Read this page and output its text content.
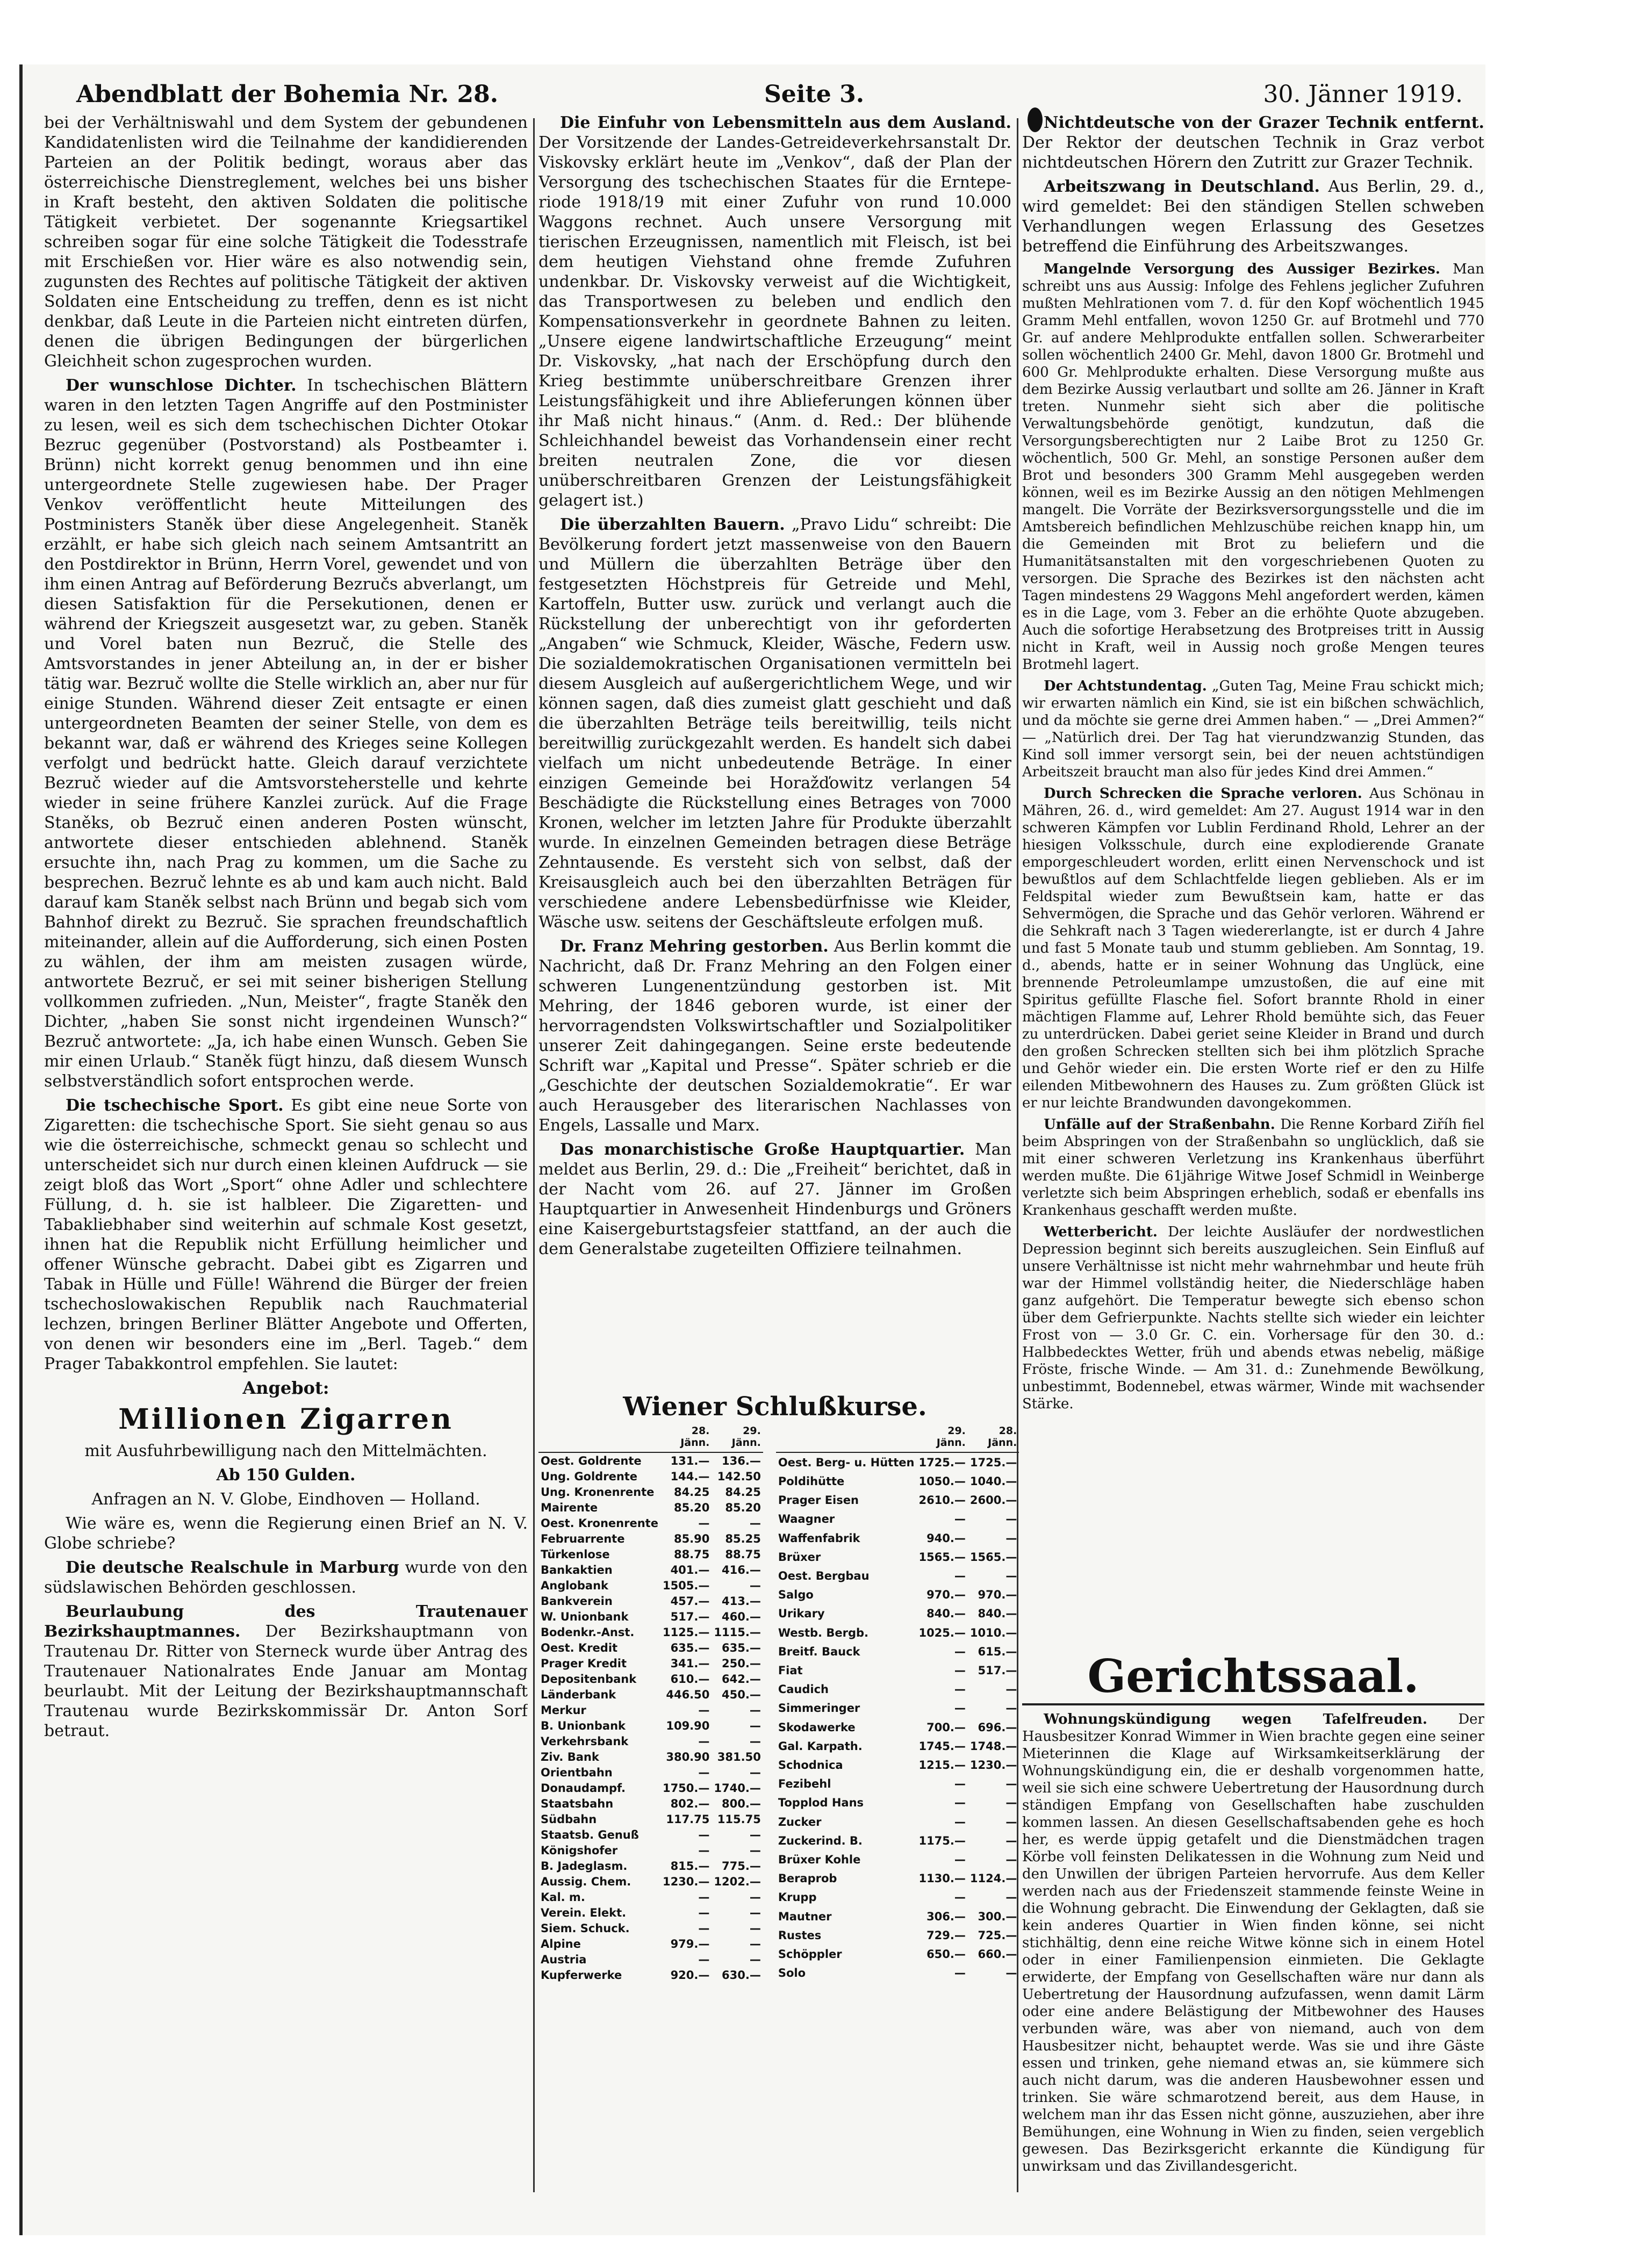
Abendblatt der Bohemia Nr. 28.	Seite 3.	30. Jänner 1919.

bei der Verhältniswahl und dem System der gebundenen Kandidatenlisten wird die Teilnahme der kandidierenden Parteien an der Politik bedingt, woraus aber das österreichische Dienstreglement, welches bei uns bisher in Kraft besteht, den aktiven Soldaten die politische Tätigkeit verbietet. Der sogenannte Kriegsartikel schreiben sogar für eine solche Tätigkeit die Todesstrafe mit Erschießen vor. Hier wäre es also notwendig sein, zugunsten des Rechtes auf politische Tätigkeit der aktiven Soldaten eine Entscheidung zu treffen, denn es ist nicht denkbar, daß Leute in die Parteien nicht eintreten dürfen, denen die übrigen Bedingungen der bürgerlichen Gleichheit schon zugesprochen wurden.

Der wunschlose Dichter. In tschechischen Blättern waren in den letzten Tagen Angriffe auf den Postminister zu lesen, weil es sich dem tschechischen Dichter Otokar Bezruc gegenüber (Postvorstand) als Postbeamter i. Brünn) nicht korrekt genug benommen und ihn eine untergeordnete Stelle zugewiesen habe. Der Prager Venkov veröffentlicht heute Mitteilungen des Postministers Staněk über diese Angelegenheit. Staněk erzählt, er habe sich gleich nach seinem Amtsantritt an den Postdirektor in Brünn, Herrn Vorel, gewendet und von ihm einen Antrag auf Beförderung Bezručs abverlangt, um diesen Satisfaktion für die Persekutionen, denen er während der Kriegszeit ausgesetzt war, zu geben. Staněk und Vorel baten nun Bezruč, die Stelle des Amtsvorstandes in jener Abteilung an, in der er bisher tätig war. Bezruč wollte die Stelle wirklich an, aber nur für einige Stunden. Während dieser Zeit entsagte er einen untergeordneten Beamten der seiner Stelle, von dem es bekannt war, daß er während des Krieges seine Kollegen verfolgt und bedrückt hatte. Gleich darauf verzichtete Bezruč wieder auf die Amtsvorsteherstelle und kehrte wieder in seine frühere Kanzlei zurück. Auf die Frage Staněks, ob Bezruč einen anderen Posten wünscht, antwortete dieser entschieden ablehnend. Staněk ersuchte ihn, nach Prag zu kommen, um die Sache zu besprechen. Bezruč lehnte es ab und kam auch nicht. Bald darauf kam Staněk selbst nach Brünn und begab sich vom Bahnhof direkt zu Bezruč. Sie sprachen freundschaftlich miteinander, allein auf die Aufforderung, sich einen Posten zu wählen, der ihm am meisten zusagen würde, antwortete Bezruč, er sei mit seiner bisherigen Stellung vollkommen zufrieden. „Nun, Meister“, fragte Staněk den Dichter, „haben Sie sonst nicht irgendeinen Wunsch?“ Bezruč antwortete: „Ja, ich habe einen Wunsch. Geben Sie mir einen Urlaub.“ Staněk fügt hinzu, daß diesem Wunsch selbstverständlich sofort entsprochen werde.

Die tschechische Sport. Es gibt eine neue Sorte von Zigaretten: die tschechische Sport. Sie sieht genau so aus wie die österreichische, schmeckt genau so schlecht und unterscheidet sich nur durch einen kleinen Aufdruck — sie zeigt bloß das Wort „Sport“ ohne Adler und schlechtere Füllung, d. h. sie ist halbleer. Die Zigaretten- und Tabakliebhaber sind weiterhin auf schmale Kost gesetzt, ihnen hat die Republik nicht Erfüllung heimlicher und offener Wünsche gebracht. Dabei gibt es Zigarren und Tabak in Hülle und Fülle! Während die Bürger der freien tschechoslowakischen Republik nach Rauchmaterial lechzen, bringen Berliner Blätter Angebote und Offerten, von denen wir besonders eine im „Berl. Tageb.“ dem Prager Tabakkontrol empfehlen. Sie lautet:

Angebot:

Millionen Zigarren

mit Ausfuhrbewilligung nach den Mittelmächten.

Ab 150 Gulden.

Anfragen an N. V. Globe, Eindhoven — Holland.

Wie wäre es, wenn die Regierung einen Brief an N. V. Globe schriebe?

Die deutsche Realschule in Marburg wurde von den südslawischen Behörden geschlossen.

Beurlaubung des Trautenauer Bezirkshauptmannes. Der Bezirkshauptmann von Trautenau Dr. Ritter von Sterneck wurde über Antrag des Trautenauer Nationalrates Ende Januar am Montag beurlaubt. Mit der Leitung der Bezirkshauptmannschaft Trautenau wurde Bezirkskommissär Dr. Anton Sorf betraut.

Die Einfuhr von Lebensmitteln aus dem Ausland. Der Vorsitzende der Landes-Getreideverkehrsanstalt Dr. Viskovsky erklärt heute im „Venkov“, daß der Plan der Versorgung des tschechischen Staates für die Erntepe-riode 1918/19 mit einer Zufuhr von rund 10.000 Waggons rechnet. Auch unsere Versorgung mit tierischen Erzeugnissen, namentlich mit Fleisch, ist bei dem heutigen Viehstand ohne fremde Zufuhren undenkbar. Dr. Viskovsky verweist auf die Wichtigkeit, das Transportwesen zu beleben und endlich den Kompensationsverkehr in geordnete Bahnen zu leiten. „Unsere eigene landwirtschaftliche Erzeugung“ meint Dr. Viskovsky, „hat nach der Erschöpfung durch den Krieg bestimmte unüberschreitbare Grenzen ihrer Leistungsfähigkeit und ihre Ablieferungen können über ihr Maß nicht hinaus.“ (Anm. d. Red.: Der blühende Schleichhandel beweist das Vorhandensein einer recht breiten neutralen Zone, die vor diesen unüberschreitbaren Grenzen der Leistungsfähigkeit gelagert ist.)

Die überzahlten Bauern. „Pravo Lidu“ schreibt: Die Bevölkerung fordert jetzt massenweise von den Bauern und Müllern die überzahlten Beträge über den festgesetzten Höchstpreis für Getreide und Mehl, Kartoffeln, Butter usw. zurück und verlangt auch die Rückstellung der unberechtigt von ihr geforderten „Angaben“ wie Schmuck, Kleider, Wäsche, Federn usw. Die sozialdemokratischen Organisationen vermitteln bei diesem Ausgleich auf außergerichtlichem Wege, und wir können sagen, daß dies zumeist glatt geschieht und daß die überzahlten Beträge teils bereitwillig, teils nicht bereitwillig zurückgezahlt werden. Es handelt sich dabei vielfach um nicht unbedeutende Beträge. In einer einzigen Gemeinde bei Horažďowitz verlangen 54 Beschädigte die Rückstellung eines Betrages von 7000 Kronen, welcher im letzten Jahre für Produkte überzahlt wurde. In einzelnen Gemeinden betragen diese Beträge Zehntausende. Es versteht sich von selbst, daß der Kreisausgleich auch bei den überzahlten Beträgen für verschiedene andere Lebensbedürfnisse wie Kleider, Wäsche usw. seitens der Geschäftsleute erfolgen muß.

Dr. Franz Mehring gestorben. Aus Berlin kommt die Nachricht, daß Dr. Franz Mehring an den Folgen einer schweren Lungenentzündung gestorben ist. Mit Mehring, der 1846 geboren wurde, ist einer der hervorragendsten Volkswirtschaftler und Sozialpolitiker unserer Zeit dahingegangen. Seine erste bedeutende Schrift war „Kapital und Presse“. Später schrieb er die „Geschichte der deutschen Sozialdemokratie“. Er war auch Herausgeber des literarischen Nachlasses von Engels, Lassalle und Marx.

Das monarchistische Große Hauptquartier. Man meldet aus Berlin, 29. d.: Die „Freiheit“ berichtet, daß in der Nacht vom 26. auf 27. Jänner im Großen Hauptquartier in Anwesenheit Hindenburgs und Gröners eine Kaisergeburtstagsfeier stattfand, an der auch die dem Generalstabe zugeteilten Offiziere teilnahmen.

Wiener Schlußkurse.
	28. Jänn.	29. Jänn.
Oest. Goldrente	131.—	136.—
Ung. Goldrente	144.—	142.50
Ung. Kronenrente	84.25	84.25
Mairente	85.20	85.20
Oest. Kronenrente	—	—
Februarrente	85.90	85.25
Türkenlose	88.75	88.75
Bankaktien	401.—	416.—
Anglobank	1505.—	—
Bankverein	457.—	413.—
W. Unionbank	517.—	460.—
Bodenkr.-Anst.	1125.—	1115.—
Oest. Kredit	635.—	635.—
Prager Kredit	341.—	250.—
Depositenbank	610.—	642.—
Länderbank	446.50	450.—
Merkur	—	—
B. Unionbank	109.90	—
Verkehrsbank	—	—
Ziv. Bank	380.90	381.50
Orientbahn	—	—
Donaudampf.	1750.—	1740.—
Staatsbahn	802.—	800.—
Südbahn	117.75	115.75
Staatsb. Genuß	—	—
Königshofer	—	—
B. Jadeglasm.	815.—	775.—
Aussig. Chem.	1230.—	1202.—
Kal. m.	—	—
Verein. Elekt.	—	—
Siem. Schuck.	—	—
Alpine	979.—	—
Austria	—	—
Kupferwerke	920.—	630.—
	29. Jänn.	28. Jänn.
Oest. Berg- u. Hütten	1725.—	1725.—
Poldihütte	1050.—	1040.—
Prager Eisen	2610.—	2600.—
Waagner	—	—
Waffenfabrik	940.—	—
Brüxer	1565.—	1565.—
Oest. Bergbau	—	—
Salgo	970.—	970.—
Urikary	840.—	840.—
Westb. Bergb.	1025.—	1010.—
Breitf. Bauck	—	615.—
Fiat	—	517.—
Caudich	—	—
Simmeringer	—	—
Skodawerke	700.—	696.—
Gal. Karpath.	1745.—	1748.—
Schodnica	1215.—	1230.—
Fezibehl	—	—
Topplod Hans	—	—
Zucker	—	—
Zuckerind. B.	1175.—	—
Brüxer Kohle	—	—
Beraprob	1130.—	1124.—
Krupp	—	—
Mautner	306.—	300.—
Rustes	729.—	725.—
Schöppler	650.—	660.—
Solo	—	—

Nichtdeutsche von der Grazer Technik entfernt. Der Rektor der deutschen Technik in Graz verbot nichtdeutschen Hörern den Zutritt zur Grazer Technik.

Arbeitszwang in Deutschland. Aus Berlin, 29. d., wird gemeldet: Bei den ständigen Stellen schweben Verhandlungen wegen Erlassung des Gesetzes betreffend die Einführung des Arbeitszwanges.

Mangelnde Versorgung des Aussiger Bezirkes. Man schreibt uns aus Aussig: Infolge des Fehlens jeglicher Zufuhren mußten Mehlrationen vom 7. d. für den Kopf wöchentlich 1945 Gramm Mehl entfallen, wovon 1250 Gr. auf Brotmehl und 770 Gr. auf andere Mehlprodukte entfallen sollen. Schwerarbeiter sollen wöchentlich 2400 Gr. Mehl, davon 1800 Gr. Brotmehl und 600 Gr. Mehlprodukte erhalten. Diese Versorgung mußte aus dem Bezirke Aussig verlautbart und sollte am 26. Jänner in Kraft treten. Nunmehr sieht sich aber die politische Verwaltungsbehörde genötigt, kundzutun, daß die Versorgungsberechtigten nur 2 Laibe Brot zu 1250 Gr. wöchentlich, 500 Gr. Mehl, an sonstige Personen außer dem Brot und besonders 300 Gramm Mehl ausgegeben werden können, weil es im Bezirke Aussig an den nötigen Mehlmengen mangelt. Die Vorräte der Bezirksversorgungsstelle und die im Amtsbereich befindlichen Mehlzuschübe reichen knapp hin, um die Gemeinden mit Brot zu beliefern und die Humanitätsanstalten mit den vorgeschriebenen Quoten zu versorgen. Die Sprache des Bezirkes ist den nächsten acht Tagen mindestens 29 Waggons Mehl angefordert werden, kämen es in die Lage, vom 3. Feber an die erhöhte Quote abzugeben. Auch die sofortige Herabsetzung des Brotpreises tritt in Aussig nicht in Kraft, weil in Aussig noch große Mengen teures Brotmehl lagert.

Der Achtstundentag. „Guten Tag, Meine Frau schickt mich; wir erwarten nämlich ein Kind, sie ist ein bißchen schwächlich, und da möchte sie gerne drei Ammen haben.“ — „Drei Ammen?“ — „Natürlich drei. Der Tag hat vierundzwanzig Stunden, das Kind soll immer versorgt sein, bei der neuen achtstündigen Arbeitszeit braucht man also für jedes Kind drei Ammen.“

Durch Schrecken die Sprache verloren. Aus Schönau in Mähren, 26. d., wird gemeldet: Am 27. August 1914 war in den schweren Kämpfen vor Lublin Ferdinand Rhold, Lehrer an der hiesigen Volksschule, durch eine explodierende Granate emporgeschleudert worden, erlitt einen Nervenschock und ist bewußtlos auf dem Schlachtfelde liegen geblieben. Als er im Feldspital wieder zum Bewußtsein kam, hatte er das Sehvermögen, die Sprache und das Gehör verloren. Während er die Sehkraft nach 3 Tagen wiedererlangte, ist er durch 4 Jahre und fast 5 Monate taub und stumm geblieben. Am Sonntag, 19. d., abends, hatte er in seiner Wohnung das Unglück, eine brennende Petroleumlampe umzustoßen, die auf eine mit Spiritus gefüllte Flasche fiel. Sofort brannte Rhold in einer mächtigen Flamme auf, Lehrer Rhold bemühte sich, das Feuer zu unterdrücken. Dabei geriet seine Kleider in Brand und durch den großen Schrecken stellten sich bei ihm plötzlich Sprache und Gehör wieder ein. Die ersten Worte rief er den zu Hilfe eilenden Mitbewohnern des Hauses zu. Zum größten Glück ist er nur leichte Brandwunden davongekommen.

Unfälle auf der Straßenbahn. Die Renne Korbard Ziříh fiel beim Abspringen von der Straßenbahn so unglücklich, daß sie mit einer schweren Verletzung ins Krankenhaus überführt werden mußte. Die 61jährige Witwe Josef Schmidl in Weinberge verletzte sich beim Abspringen erheblich, sodaß er ebenfalls ins Krankenhaus geschafft werden mußte.

Wetterbericht. Der leichte Ausläufer der nordwestlichen Depression beginnt sich bereits auszugleichen. Sein Einfluß auf unsere Verhältnisse ist nicht mehr wahrnehmbar und heute früh war der Himmel vollständig heiter, die Niederschläge haben ganz aufgehört. Die Temperatur bewegte sich ebenso schon über dem Gefrierpunkte. Nachts stellte sich wieder ein leichter Frost von — 3.0 Gr. C. ein. Vorhersage für den 30. d.: Halbbedecktes Wetter, früh und abends etwas nebelig, mäßige Fröste, frische Winde. — Am 31. d.: Zunehmende Bewölkung, unbestimmt, Bodennebel, etwas wärmer, Winde mit wachsender Stärke.

Gerichtssaal.

Wohnungskündigung wegen Tafelfreuden. Der Hausbesitzer Konrad Wimmer in Wien brachte gegen eine seiner Mieterinnen die Klage auf Wirksamkeitserklärung der Wohnungskündigung ein, die er deshalb vorgenommen hatte, weil sie sich eine schwere Uebertretung der Hausordnung durch ständigen Empfang von Gesellschaften habe zuschulden kommen lassen. An diesen Gesellschaftsabenden gehe es hoch her, es werde üppig getafelt und die Dienstmädchen tragen Körbe voll feinsten Delikatessen in die Wohnung zum Neid und den Unwillen der übrigen Parteien hervorrufe. Aus dem Keller werden nach aus der Friedenszeit stammende feinste Weine in die Wohnung gebracht. Die Einwendung der Geklagten, daß sie kein anderes Quartier in Wien finden könne, sei nicht stichhältig, denn eine reiche Witwe könne sich in einem Hotel oder in einer Familienpension einmieten. Die Geklagte erwiderte, der Empfang von Gesellschaften wäre nur dann als Uebertretung der Hausordnung aufzufassen, wenn damit Lärm oder eine andere Belästigung der Mitbewohner des Hauses verbunden wäre, was aber von niemand, auch von dem Hausbesitzer nicht, behauptet werde. Was sie und ihre Gäste essen und trinken, gehe niemand etwas an, sie kümmere sich auch nicht darum, was die anderen Hausbewohner essen und trinken. Sie wäre schmarotzend bereit, aus dem Hause, in welchem man ihr das Essen nicht gönne, auszuziehen, aber ihre Bemühungen, eine Wohnung in Wien zu finden, seien vergeblich gewesen. Das Bezirksgericht erkannte die Kündigung für unwirksam und das Zivillandesgericht.
